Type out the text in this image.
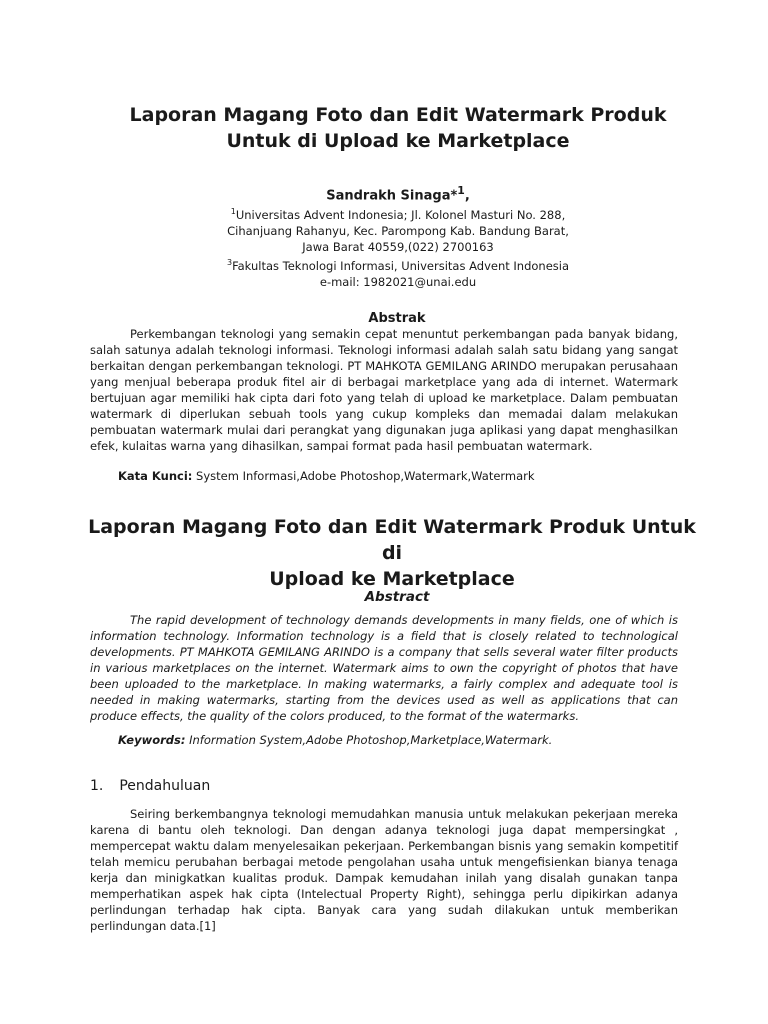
Laporan Magang Foto dan Edit Watermark Produk
Untuk di Upload ke Marketplace
Sandrakh Sinaga*$^1$,
$^1$Universitas Advent Indonesia; Jl. Kolonel Masturi No. 288,
Cihanjuang Rahanyu, Kec. Parompong Kab. Bandung Barat,
Jawa Barat 40559,(022) 2700163
$^3$Fakultas Teknologi Informasi, Universitas Advent Indonesia
e-mail: 1982021@unai.edu
Abstrak

Perkembangan teknologi yang semakin cepat menuntut perkembangan pada banyak bidang, salah satunya adalah teknologi informasi. Teknologi informasi adalah salah satu bidang yang sangat berkaitan dengan perkembangan teknologi. PT MAHKOTA GEMILANG ARINDO merupakan perusahaan yang menjual beberapa produk fitel air di berbagai marketplace yang ada di internet. Watermark bertujuan agar memiliki hak cipta dari foto yang telah di upload ke marketplace. Dalam pembuatan watermark di diperlukan sebuah tools yang cukup kompleks dan memadai dalam melakukan pembuatan watermark mulai dari perangkat yang digunakan juga aplikasi yang dapat menghasilkan efek, kulaitas warna yang dihasilkan, sampai format pada hasil pembuatan watermark.

Kata Kunci: System Informasi,Adobe Photoshop,Watermark,Watermark

Laporan Magang Foto dan Edit Watermark Produk Untuk di
Upload ke Marketplace
Abstract

The rapid development of technology demands developments in many fields, one of which is information technology. Information technology is a field that is closely related to technological developments. PT MAHKOTA GEMILANG ARINDO is a company that sells several water filter products in various marketplaces on the internet. Watermark aims to own the copyright of photos that have been uploaded to the marketplace. In making watermarks, a fairly complex and adequate tool is needed in making watermarks, starting from the devices used as well as applications that can produce effects, the quality of the colors produced, to the format of the watermarks.

Keywords: Information System,Adobe Photoshop,Marketplace,Watermark.

1. Pendahuluan

Seiring berkembangnya teknologi memudahkan manusia untuk melakukan pekerjaan mereka karena di bantu oleh teknologi. Dan dengan adanya teknologi juga dapat mempersingkat , mempercepat waktu dalam menyelesaikan pekerjaan. Perkembangan bisnis yang semakin kompetitif telah memicu perubahan berbagai metode pengolahan usaha untuk mengefisienkan bianya tenaga kerja dan minigkatkan kualitas produk. Dampak kemudahan inilah yang disalah gunakan tanpa memperhatikan aspek hak cipta (Intelectual Property Right), sehingga perlu dipikirkan adanya perlindungan terhadap hak cipta. Banyak cara yang sudah dilakukan untuk memberikan perlindungan data.[1]
